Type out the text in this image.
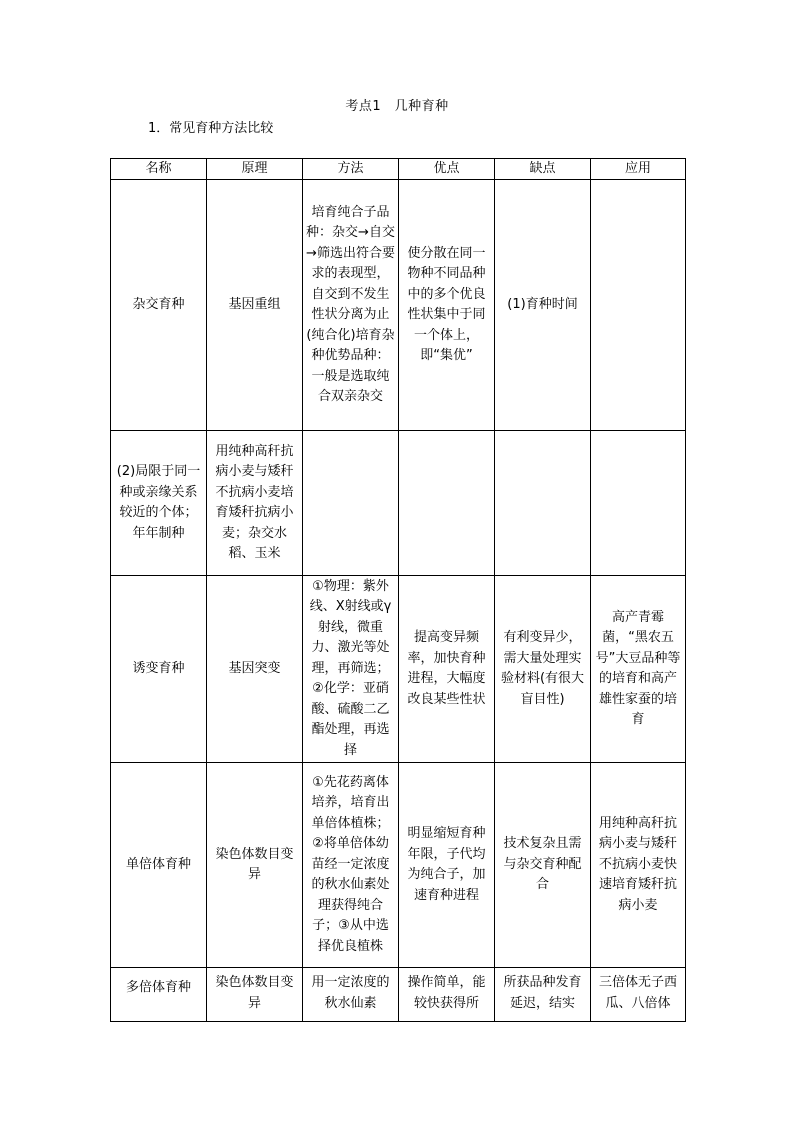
考点1　几种育种
1．常见育种方法比较
名称	原理	方法	优点	缺点	应用
杂交育种	基因重组	培育纯合子品种：杂交→自交→筛选出符合要求的表现型，自交到不发生性状分离为止(纯合化)培育杂种优势品种：一般是选取纯合双亲杂交	使分散在同一物种不同品种中的多个优良性状集中于同一个体上，即“集优”	(1)育种时间	
(2)局限于同一种或亲缘关系较近的个体；年年制种	用纯种高秆抗病小麦与矮秆不抗病小麦培育矮秆抗病小麦；杂交水稻、玉米				
诱变育种	基因突变	①物理：紫外线、X射线或γ射线，微重力、激光等处理，再筛选；②化学：亚硝酸、硫酸二乙酯处理，再选择	提高变异频率，加快育种进程，大幅度改良某些性状	有利变异少，需大量处理实验材料(有很大盲目性)	高产青霉菌，“黑农五号”大豆品种等的培育和高产雄性家蚕的培育
单倍体育种	染色体数目变异	①先花药离体培养，培育出单倍体植株；②将单倍体幼苗经一定浓度的秋水仙素处理获得纯合子；③从中选择优良植株	明显缩短育种年限，子代均为纯合子，加速育种进程	技术复杂且需与杂交育种配合	用纯种高秆抗病小麦与矮秆不抗病小麦快速培育矮秆抗病小麦

多倍体育种	染色体数目变异	用一定浓度的秋水仙素	操作简单，能较快获得所	所获品种发育延迟，结实	三倍体无子西瓜、八倍体
